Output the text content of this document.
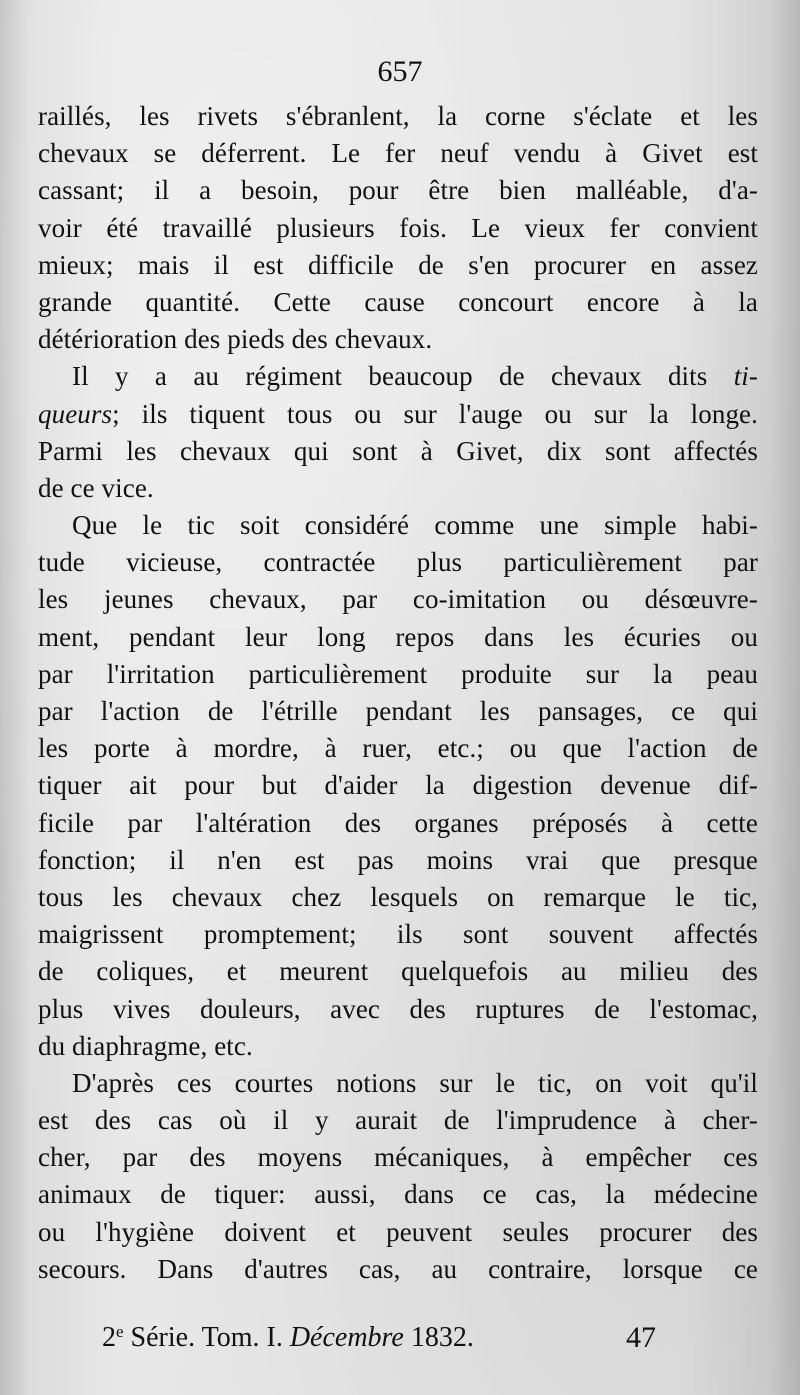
657
raillés, les rivets s'ébranlent, la corne s'éclate et les
chevaux se déferrent. Le fer neuf vendu à Givet est
cassant; il a besoin, pour être bien malléable, d'a-
voir été travaillé plusieurs fois. Le vieux fer convient
mieux; mais il est difficile de s'en procurer en assez
grande quantité. Cette cause concourt encore à la
détérioration des pieds des chevaux.
Il y a au régiment beaucoup de chevaux dits ti-
queurs; ils tiquent tous ou sur l'auge ou sur la longe.
Parmi les chevaux qui sont à Givet, dix sont affectés
de ce vice.
Que le tic soit considéré comme une simple habi-
tude vicieuse, contractée plus particulièrement par
les jeunes chevaux, par co-imitation ou désœuvre-
ment, pendant leur long repos dans les écuries ou
par l'irritation particulièrement produite sur la peau
par l'action de l'étrille pendant les pansages, ce qui
les porte à mordre, à ruer, etc.; ou que l'action de
tiquer ait pour but d'aider la digestion devenue dif-
ficile par l'altération des organes préposés à cette
fonction; il n'en est pas moins vrai que presque
tous les chevaux chez lesquels on remarque le tic,
maigrissent promptement; ils sont souvent affectés
de coliques, et meurent quelquefois au milieu des
plus vives douleurs, avec des ruptures de l'estomac,
du diaphragme, etc.
D'après ces courtes notions sur le tic, on voit qu'il
est des cas où il y aurait de l'imprudence à cher-
cher, par des moyens mécaniques, à empêcher ces
animaux de tiquer: aussi, dans ce cas, la médecine
ou l'hygiène doivent et peuvent seules procurer des
secours. Dans d'autres cas, au contraire, lorsque ce
2e Série. Tom. I. Décembre 1832.	47
